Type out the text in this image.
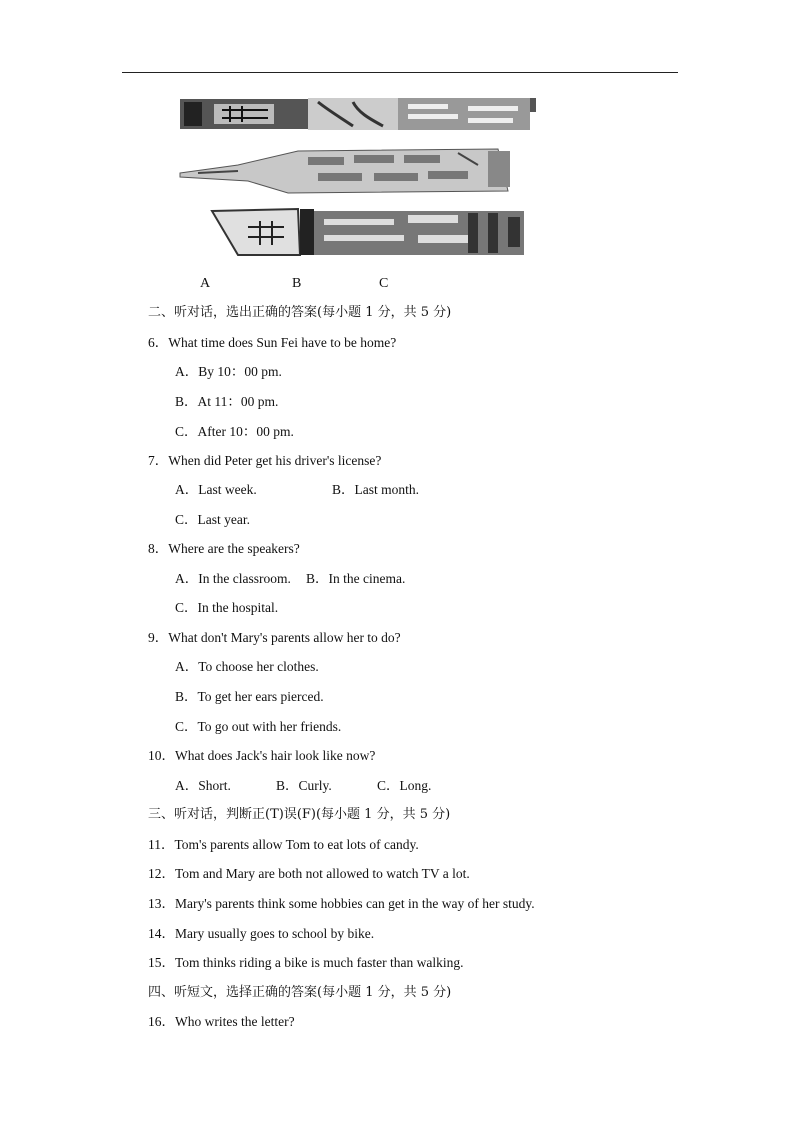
A	B	C
二、听对话，选出正确的答案(每小题 1 分，共 5 分)
6．What time does Sun Fei have to be home?
A．By 10：00 pm.
B．At 11：00 pm.
C．After 10：00 pm.
7．When did Peter get his driver's license?
A．Last week.	B．Last month.
C．Last year.
8．Where are the speakers?
A．In the classroom. B．In the cinema.
C．In the hospital.
9．What don't Mary's parents allow her to do?
A．To choose her clothes.
B．To get her ears pierced.
C．To go out with her friends.
10．What does Jack's hair look like now?
A．Short.	B．Curly.	C．Long.
三、听对话，判断正(T)误(F)(每小题 1 分，共 5 分)
11．Tom's parents allow Tom to eat lots of candy.
12．Tom and Mary are both not allowed to watch TV a lot.
13．Mary's parents think some hobbies can get in the way of her study.
14．Mary usually goes to school by bike.
15．Tom thinks riding a bike is much faster than walking.
四、听短文，选择正确的答案(每小题 1 分，共 5 分)
16．Who writes the letter?
